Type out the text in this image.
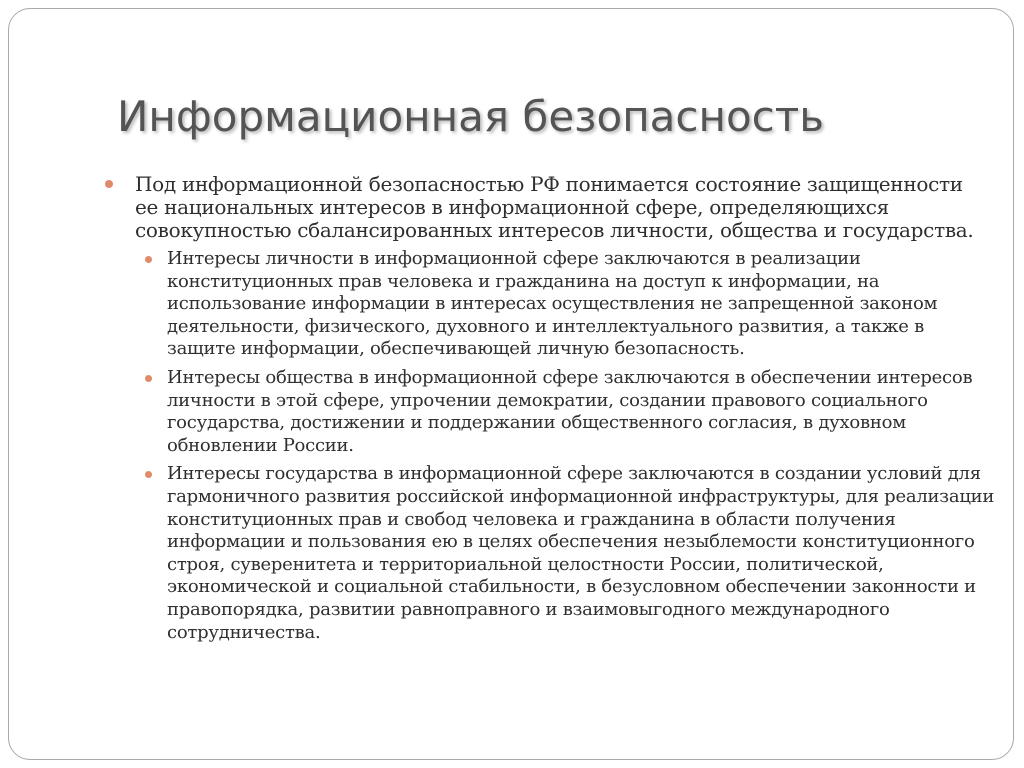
Информационная безопасность
Под информационной безопасностью РФ понимается состояние защищенности ее национальных интересов в информационной сфере, определяющихся совокупностью сбалансированных интересов личности, общества и государства.
Интересы личности в информационной сфере заключаются в реализации конституционных прав человека и гражданина на доступ к информации, на использование информации в интересах осуществления не запрещенной законом деятельности, физического, духовного и интеллектуального развития, а также в защите информации, обеспечивающей личную безопасность.
Интересы общества в информационной сфере заключаются в обеспечении интересов личности в этой сфере, упрочении демократии, создании правового социального государства, достижении и поддержании общественного согласия, в духовном обновлении России.
Интересы государства в информационной сфере заключаются в создании условий для гармоничного развития российской информационной инфраструктуры, для реализации конституционных прав и свобод человека и гражданина в области получения информации и пользования ею в целях обеспечения незыблемости конституционного строя, суверенитета и территориальной целостности России, политической, экономической и социальной стабильности, в безусловном обеспечении законности и правопорядка, развитии равноправного и взаимовыгодного международного сотрудничества.
